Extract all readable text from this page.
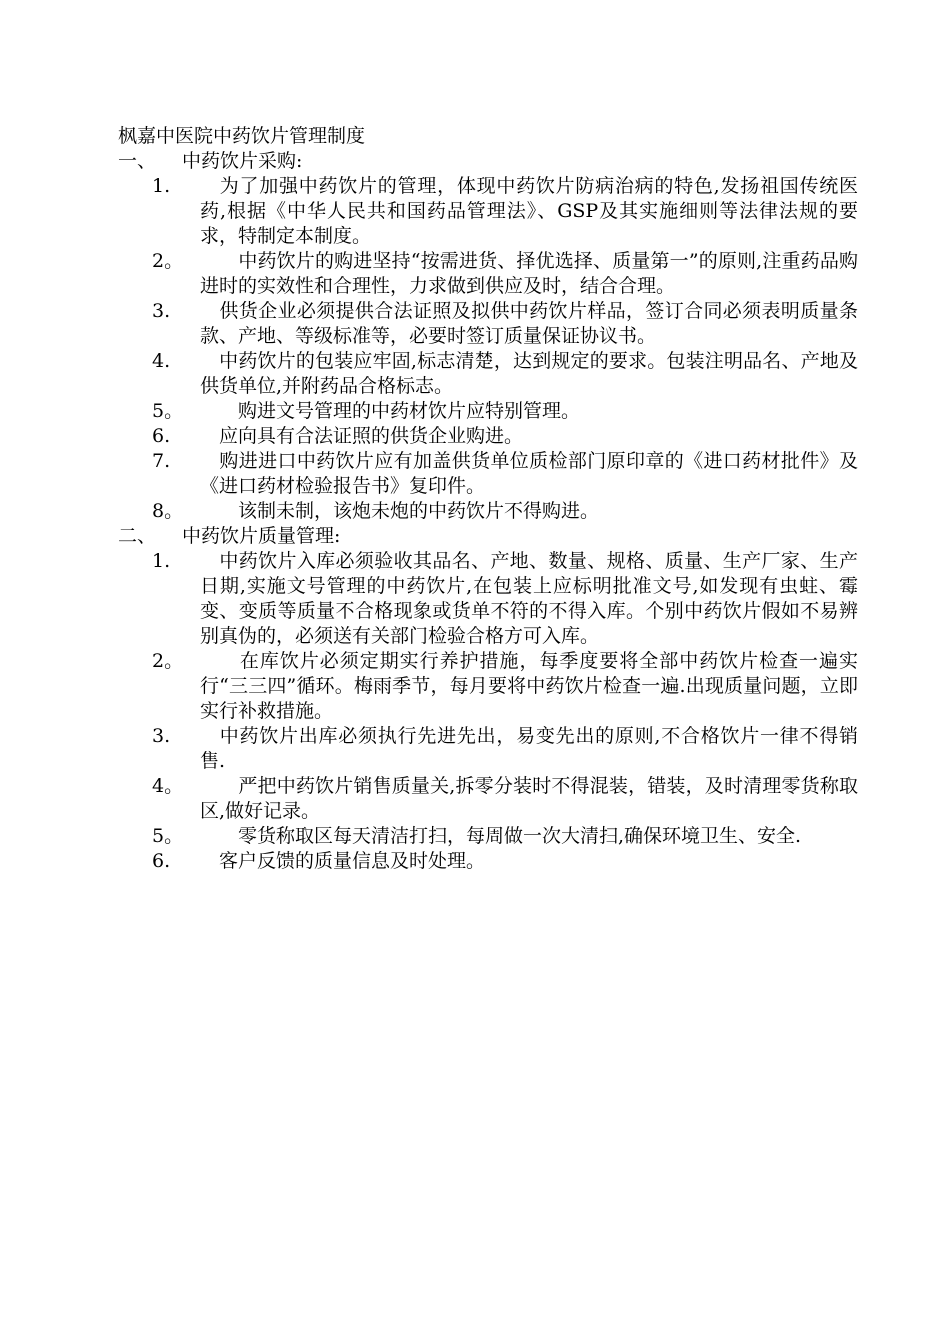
枫嘉中医院中药饮片管理制度
一、	中药饮片采购:
1.	　为了加强中药饮片的管理，体现中药饮片防病治病的特色,发扬祖国传统医药,根据《中华人民共和国药品管理法》、GSP及其实施细则等法律法规的要求，特制定本制度。
2。 　　中药饮片的购进坚持“按需进货、择优选择、质量第一”的原则,注重药品购进时的实效性和合理性，力求做到供应及时，结合合理。
3.	　供货企业必须提供合法证照及拟供中药饮片样品，签订合同必须表明质量条款、产地、等级标准等，必要时签订质量保证协议书。
4.	　中药饮片的包装应牢固,标志清楚，达到规定的要求。包装注明品名、产地及供货单位,并附药品合格标志。
5。 　　购进文号管理的中药材饮片应特别管理。
6.	　应向具有合法证照的供货企业购进。
7.	　购进进口中药饮片应有加盖供货单位质检部门原印章的《进口药材批件》及《进口药材检验报告书》复印件。
8。 　　该制未制，该炮未炮的中药饮片不得购进。
二、	中药饮片质量管理:
1.	　中药饮片入库必须验收其品名、产地、数量、规格、质量、生产厂家、生产日期,实施文号管理的中药饮片,在包装上应标明批准文号,如发现有虫蛀、霉变、变质等质量不合格现象或货单不符的不得入库。个别中药饮片假如不易辨别真伪的，必须送有关部门检验合格方可入库。
2。 　　在库饮片必须定期实行养护措施，每季度要将全部中药饮片检查一遍实行“三三四”循环。梅雨季节，每月要将中药饮片检查一遍.出现质量问题，立即实行补救措施。
3.	　中药饮片出库必须执行先进先出，易变先出的原则,不合格饮片一律不得销售.
4。 　　严把中药饮片销售质量关,拆零分装时不得混装，错装，及时清理零货称取区,做好记录。
5。 　　零货称取区每天清洁打扫，每周做一次大清扫,确保环境卫生、安全.
6.	　客户反馈的质量信息及时处理。
